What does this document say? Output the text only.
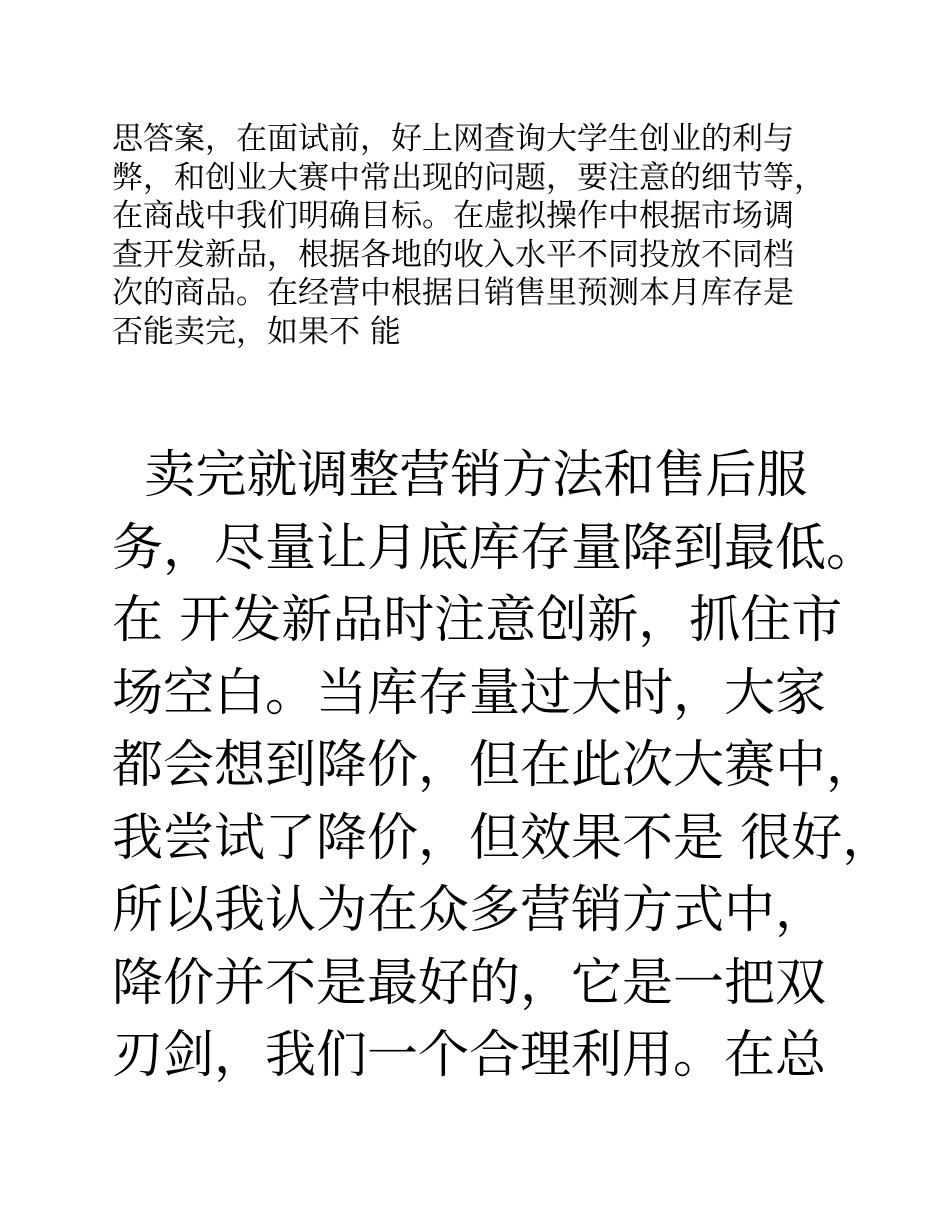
思答案，在面试前，好上网查询大学生创业的利与
弊，和创业大赛中常出现的问题，要注意的细节等，
在商战中我们明确目标。在虚拟操作中根据市场调
查开发新品，根据各地的收入水平不同投放不同档
次的商品。在经营中根据日销售里预测本月库存是
否能卖完，如果不 能
卖完就调整营销方法和售后服
务，尽量让月底库存量降到最低。
在 开发新品时注意创新，抓住市
场空白。当库存量过大时，大家
都会想到降价，但在此次大赛中，
我尝试了降价，但效果不是 很好，
所以我认为在众多营销方式中，
降价并不是最好的，它是一把双
刃剑，我们一个合理利用。在总
